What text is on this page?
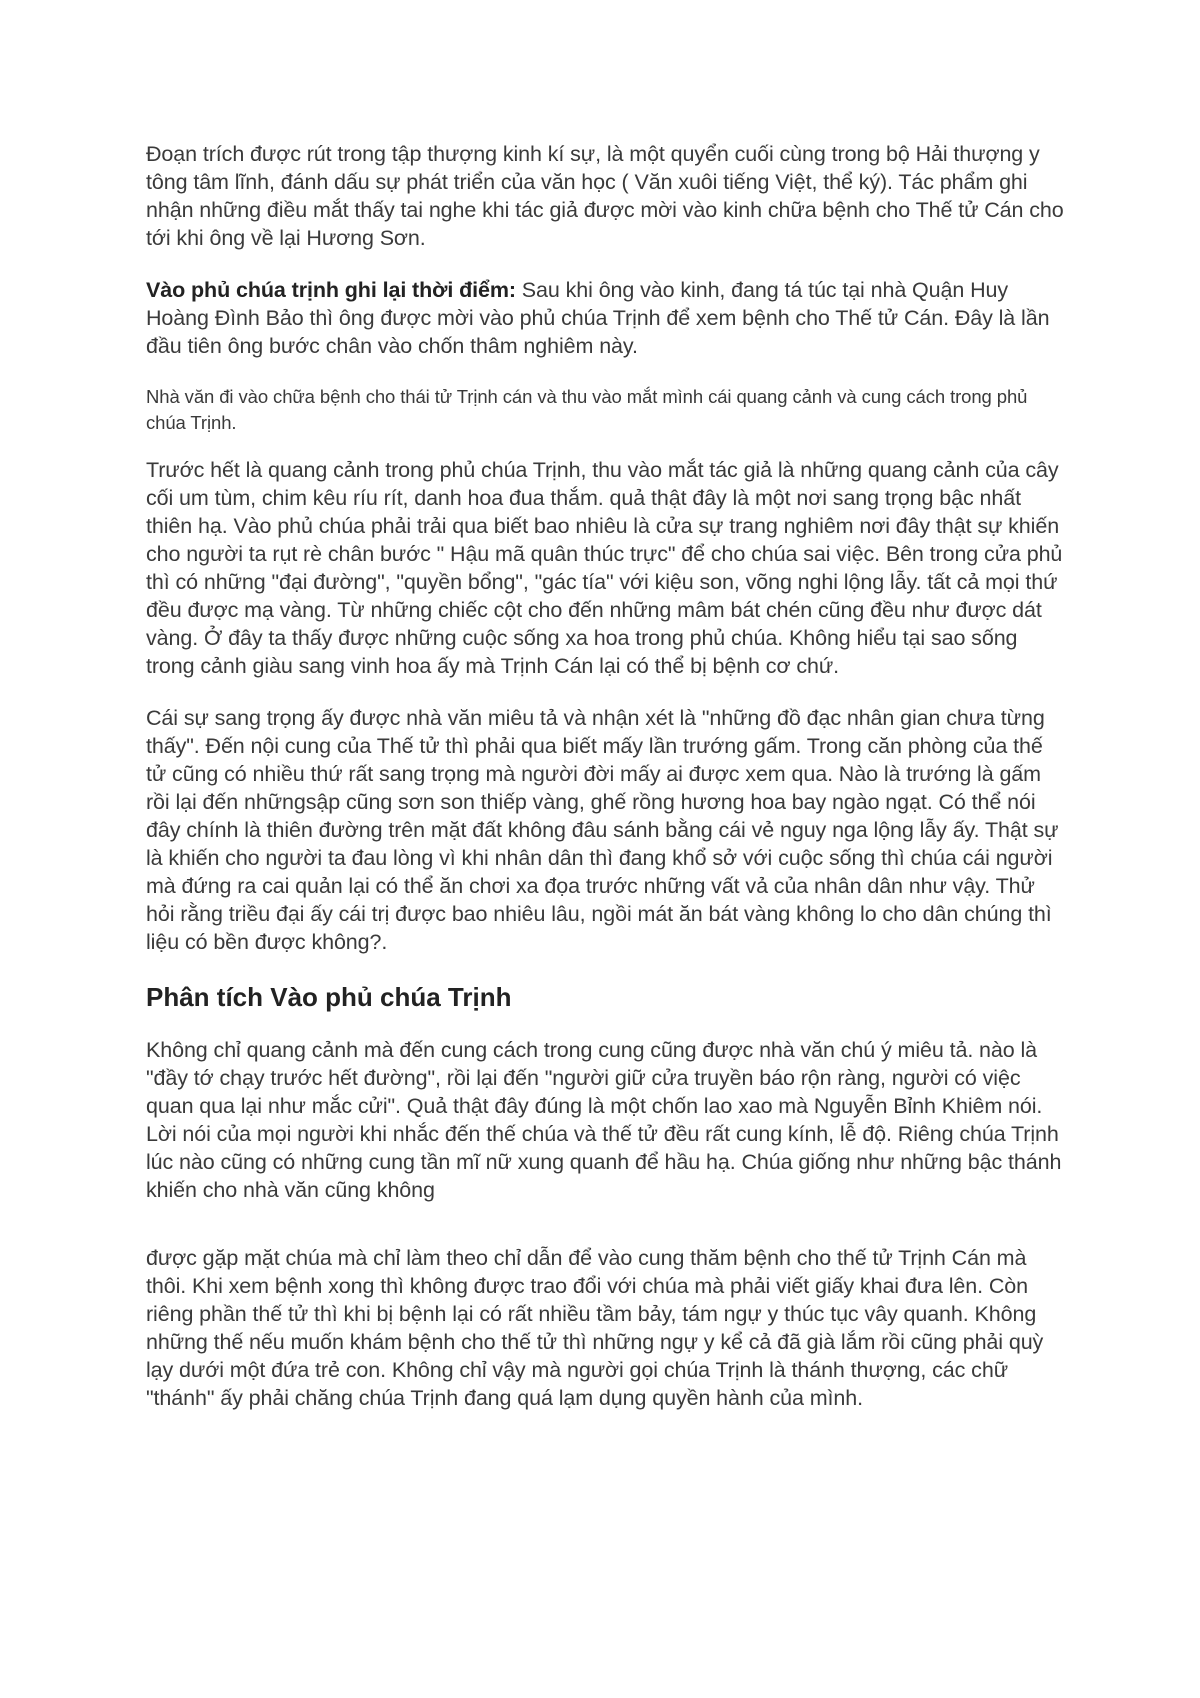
Đoạn trích được rút trong tập thượng kinh kí sự, là một quyển cuối cùng trong bộ Hải thượng y tông tâm lĩnh, đánh dấu sự phát triển của văn học ( Văn xuôi tiếng Việt, thể ký). Tác phẩm ghi nhận những điều mắt thấy tai nghe khi tác giả được mời vào kinh chữa bệnh cho Thế tử Cán cho tới khi ông về lại Hương Sơn.

Vào phủ chúa trịnh ghi lại thời điểm: Sau khi ông vào kinh, đang tá túc tại nhà Quận Huy Hoàng Đình Bảo thì ông được mời vào phủ chúa Trịnh để xem bệnh cho Thế tử Cán. Đây là lần đầu tiên ông bước chân vào chốn thâm nghiêm này.

Nhà văn đi vào chữa bệnh cho thái tử Trịnh cán và thu vào mắt mình cái quang cảnh và cung cách trong phủ chúa Trịnh.

Trước hết là quang cảnh trong phủ chúa Trịnh, thu vào mắt tác giả là những quang cảnh của cây cối um tùm, chim kêu ríu rít, danh hoa đua thắm. quả thật đây là một nơi sang trọng bậc nhất thiên hạ. Vào phủ chúa phải trải qua biết bao nhiêu là cửa sự trang nghiêm nơi đây thật sự khiến cho người ta rụt rè chân bước " Hậu mã quân thúc trực" để cho chúa sai việc. Bên trong cửa phủ thì có những "đại đường", "quyền bổng", "gác tía" với kiệu son, võng nghi lộng lẫy. tất cả mọi thứ đều được mạ vàng. Từ những chiếc cột cho đến những mâm bát chén cũng đều như được dát vàng. Ở đây ta thấy được những cuộc sống xa hoa trong phủ chúa. Không hiểu tại sao sống trong cảnh giàu sang vinh hoa ấy mà Trịnh Cán lại có thể bị bệnh cơ chứ.

Cái sự sang trọng ấy được nhà văn miêu tả và nhận xét là "những đồ đạc nhân gian chưa từng thấy". Đến nội cung của Thế tử thì phải qua biết mấy lần trướng gấm. Trong căn phòng của thế tử cũng có nhiều thứ rất sang trọng mà người đời mấy ai được xem qua. Nào là trướng là gấm rồi lại đến nhữngsập cũng sơn son thiếp vàng, ghế rồng hương hoa bay ngào ngạt. Có thể nói đây chính là thiên đường trên mặt đất không đâu sánh bằng cái vẻ nguy nga lộng lẫy ấy. Thật sự là khiến cho người ta đau lòng vì khi nhân dân thì đang khổ sở với cuộc sống thì chúa cái người mà đứng ra cai quản lại có thể ăn chơi xa đọa trước những vất vả của nhân dân như vậy. Thử hỏi rằng triều đại ấy cái trị được bao nhiêu lâu, ngồi mát ăn bát vàng không lo cho dân chúng thì liệu có bền được không?.

Phân tích Vào phủ chúa Trịnh

Không chỉ quang cảnh mà đến cung cách trong cung cũng được nhà văn chú ý miêu tả. nào là "đầy tớ chạy trước hết đường", rồi lại đến "người giữ cửa truyền báo rộn ràng, người có việc quan qua lại như mắc cửi". Quả thật đây đúng là một chốn lao xao mà Nguyễn Bỉnh Khiêm nói. Lời nói của mọi người khi nhắc đến thế chúa và thế tử đều rất cung kính, lễ độ. Riêng chúa Trịnh lúc nào cũng có những cung tần mĩ nữ xung quanh để hầu hạ. Chúa giống như những bậc thánh khiến cho nhà văn cũng không

được gặp mặt chúa mà chỉ làm theo chỉ dẫn để vào cung thăm bệnh cho thế tử Trịnh Cán mà thôi. Khi xem bệnh xong thì không được trao đổi với chúa mà phải viết giấy khai đưa lên. Còn riêng phần thế tử thì khi bị bệnh lại có rất nhiều tầm bảy, tám ngự y thúc tục vây quanh. Không những thế nếu muốn khám bệnh cho thế tử thì những ngự y kể cả đã già lắm rồi cũng phải quỳ lạy dưới một đứa trẻ con. Không chỉ vậy mà người gọi chúa Trịnh là thánh thượng, các chữ "thánh" ấy phải chăng chúa Trịnh đang quá lạm dụng quyền hành của mình.
